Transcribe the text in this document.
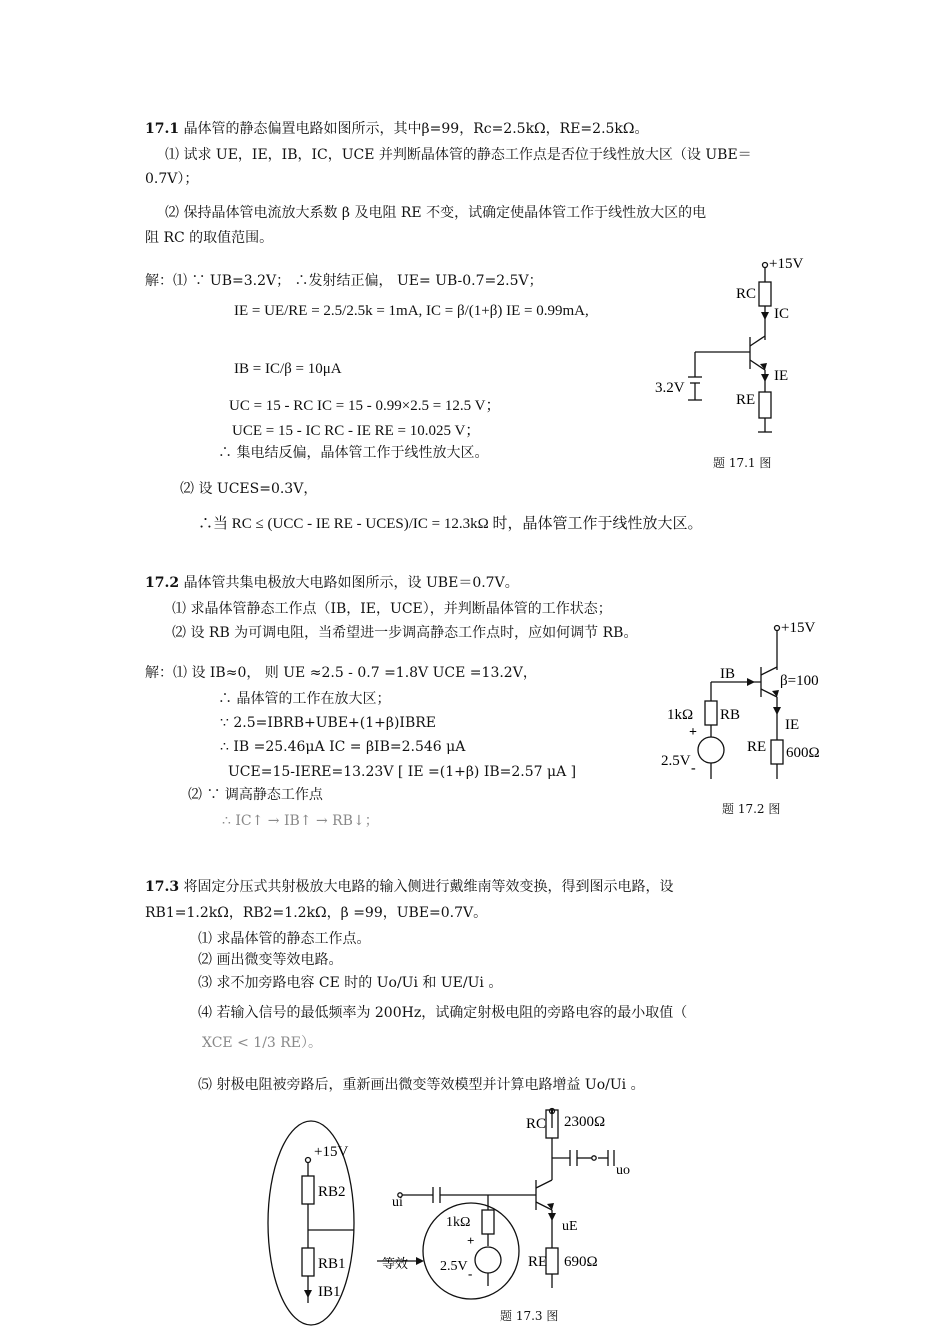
17.1 晶体管的静态偏置电路如图所示，其中β=99，Rc=2.5kΩ，RE=2.5kΩ。
⑴ 试求 UE，IE，IB，IC，UCE 并判断晶体管的静态工作点是否位于线性放大区（设 UBE＝
0.7V）；
⑵ 保持晶体管电流放大系数 β 及电阻 RE 不变，试确定使晶体管工作于线性放大区的电
阻 RC 的取值范围。
解：⑴ ∵ UB=3.2V； ∴发射结正偏， UE= UB-0.7=2.5V；
IE = UE/RE = 2.5/2.5k = 1mA, IC = β/(1+β) IE = 0.99mA,
IB = IC/β = 10μA
UC = 15 - RC IC = 15 - 0.99×2.5 = 12.5 V；
UCE = 15 - IC RC - IE RE = 10.025 V；
∴ 集电结反偏，晶体管工作于线性放大区。
⑵ 设 UCES=0.3V，
∴当 RC ≤ (UCC - IE RE - UCES)/IC = 12.3kΩ 时，晶体管工作于线性放大区。
+15V
RC
IC
IE
RE
3.2V
题 17.1 图
17.2 晶体管共集电极放大电路如图所示，设 UBE＝0.7V。
⑴ 求晶体管静态工作点（IB，IE，UCE），并判断晶体管的工作状态；
⑵ 设 RB 为可调电阻，当希望进一步调高静态工作点时，应如何调节 RB。
解：⑴ 设 IB≈0， 则 UE ≈2.5 - 0.7 =1.8V UCE =13.2V，
∴ 晶体管的工作在放大区；
∵ 2.5=IBRB+UBE+(1+β)IBRE
∴ IB =25.46μA IC = βIB=2.546 μA
UCE=15-IERE=13.23V [ IE =(1+β) IB=2.57 μA ]
⑵ ∵ 调高静态工作点
∴ IC↑ → IB↑ → RB↓；
+15V
IB	β=100
1kΩ RB
IE
2.5V
RE 600Ω
+
-
题 17.2 图
17.3 将固定分压式共射极放大电路的输入侧进行戴维南等效变换，得到图示电路，设
RB1=1.2kΩ，RB2=1.2kΩ，β =99，UBE=0.7V。
⑴ 求晶体管的静态工作点。
⑵ 画出微变等效电路。
⑶ 求不加旁路电容 CE 时的 Uo/Ui 和 UE/Ui 。
⑷ 若输入信号的最低频率为 200Hz，试确定射极电阻的旁路电容的最小取值（
XCE < 1/3 RE）。
⑸ 射极电阻被旁路后，重新画出微变等效模型并计算电路增益 Uo/Ui 。
+15V
RB2
RB1
IB1
等效
1kΩ
2.5V
RC 2300Ω
uo
ui
uE
RE 690Ω
+
-
题 17.3 图
